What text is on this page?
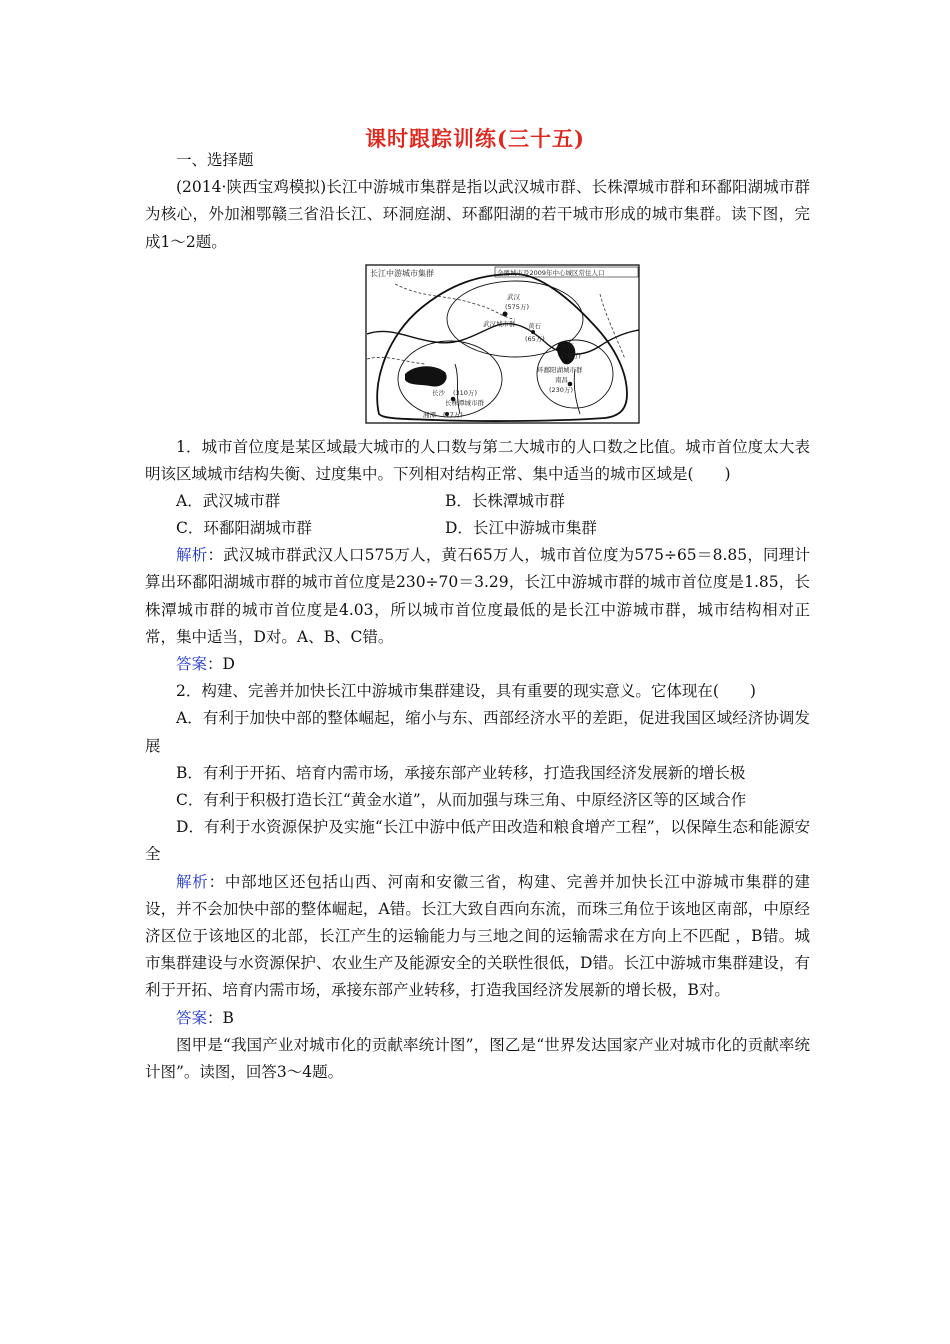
课时跟踪训练(三十五)

一、选择题

(2014·陕西宝鸡模拟)长江中游城市集群是指以武汉城市群、长株潭城市群和环鄱阳湖城市群为核心，外加湘鄂赣三省沿长江、环洞庭湖、环鄱阳湖的若干城市形成的城市集群。读下图，完成1～2题。

长江中游城市集群	全要城市及2009年中心城区常住人口
武汉
(575万)
武汉城市群 黄石
(65万)
九江
(70万)
环鄱阳湖城市群
南昌
(230万)
长沙 (310万)
长株潭城市群
湘潭 (77万)

1．城市首位度是某区域最大城市的人口数与第二大城市的人口数之比值。城市首位度太大表明该区域城市结构失衡、过度集中。下列相对结构正常、集中适当的城市区域是(　　)

A．武汉城市群	B．长株潭城市群
C．环鄱阳湖城市群	D．长江中游城市集群

解析：武汉城市群武汉人口575万人，黄石65万人，城市首位度为575÷65＝8.85，同理计算出环鄱阳湖城市群的城市首位度是230÷70＝3.29，长江中游城市群的城市首位度是1.85，长株潭城市群的城市首位度是4.03，所以城市首位度最低的是长江中游城市群，城市结构相对正常，集中适当，D对。A、B、C错。

答案：D

2．构建、完善并加快长江中游城市集群建设，具有重要的现实意义。它体现在(　　)

A．有利于加快中部的整体崛起，缩小与东、西部经济水平的差距，促进我国区域经济协调发展

B．有利于开拓、培育内需市场，承接东部产业转移，打造我国经济发展新的增长极

C．有利于积极打造长江“黄金水道”，从而加强与珠三角、中原经济区等的区域合作

D．有利于水资源保护及实施“长江中游中低产田改造和粮食增产工程”，以保障生态和能源安全

解析：中部地区还包括山西、河南和安徽三省，构建、完善并加快长江中游城市集群的建设，并不会加快中部的整体崛起，A错。长江大致自西向东流，而珠三角位于该地区南部，中原经济区位于该地区的北部，长江产生的运输能力与三地之间的运输需求在方向上不匹配 ，B错。城市集群建设与水资源保护、农业生产及能源安全的关联性很低，D错。长江中游城市集群建设，有利于开拓、培育内需市场，承接东部产业转移，打造我国经济发展新的增长极，B对。

答案：B

图甲是“我国产业对城市化的贡献率统计图”，图乙是“世界发达国家产业对城市化的贡献率统计图”。读图，回答3～4题。
